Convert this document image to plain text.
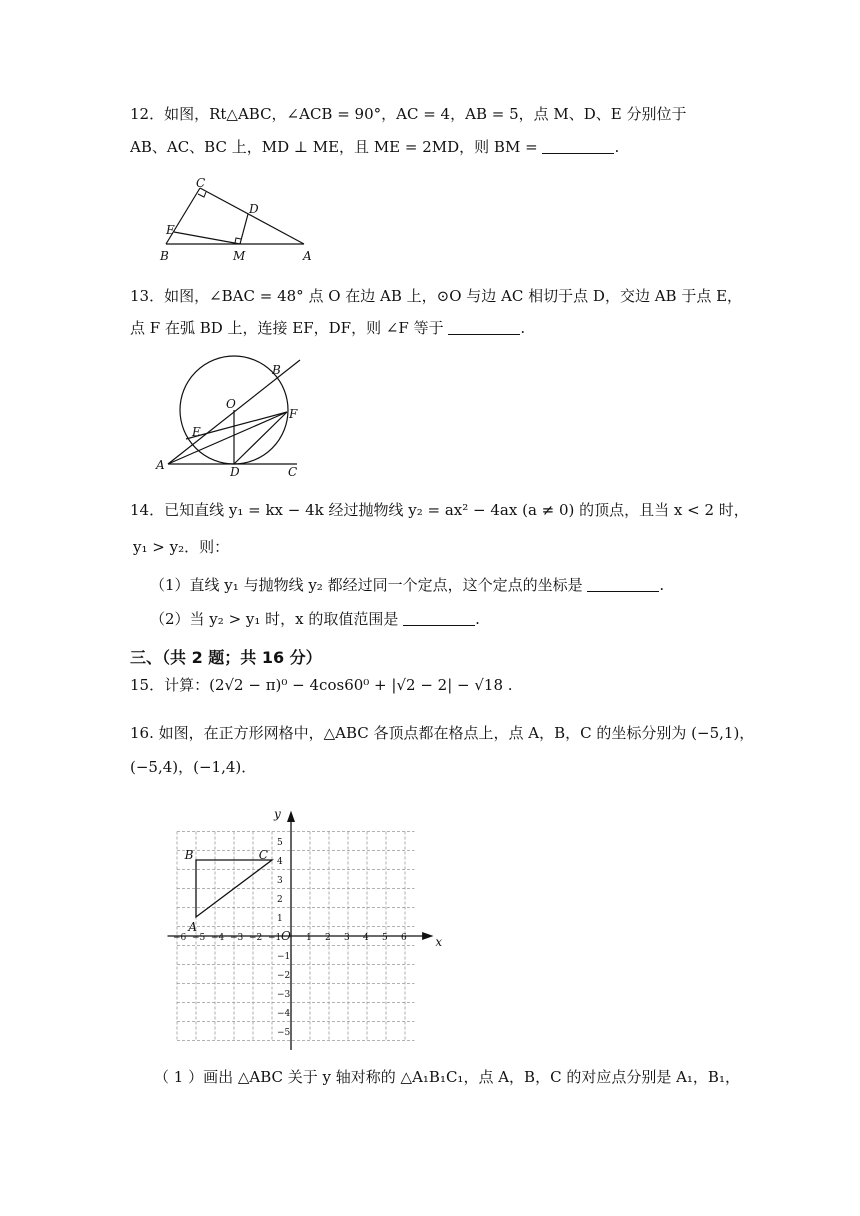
12．如图，Rt△ABC，∠ACB = 90°，AC = 4，AB = 5，点 M、D、E 分别位于
AB、AC、BC 上，MD ⊥ ME，且 ME = 2MD，则 BM =	.
C
D
E
B	M	A
13．如图，∠BAC = 48° 点 O 在边 AB 上，⊙O 与边 AC 相切于点 D，交边 AB 于点 E，
点 F 在弧 BD 上，连接 EF，DF，则 ∠F 等于	.
B
O
F
E
A	D	C
14．已知直线 y₁ = kx − 4k 经过抛物线 y₂ = ax² − 4ax (a ≠ 0) 的顶点，且当 x < 2 时，
y₁ > y₂．则：
（1）直线 y₁ 与抛物线 y₂ 都经过同一个定点，这个定点的坐标是	.
（2）当 y₂ > y₁ 时，x 的取值范围是	.
三、（共 2 题；共 16 分）
15．计算：(2√2 − π)⁰ − 4cos60⁰ + |√2 − 2| − √18 .
16. 如图，在正方形网格中，△ABC 各顶点都在格点上，点 A，B，C 的坐标分别为 (−5,1)，
(−5,4)，(−1,4)．
−6 −5 −4 −3 −2 −1	1 2 3 4 5 6
5
4
3
2
1
−1
−2
−3
−4
−5
y
x
O
A
B	C
（ 1 ）画出 △ABC 关于 y 轴对称的 △A₁B₁C₁，点 A，B，C 的对应点分别是 A₁，B₁，
